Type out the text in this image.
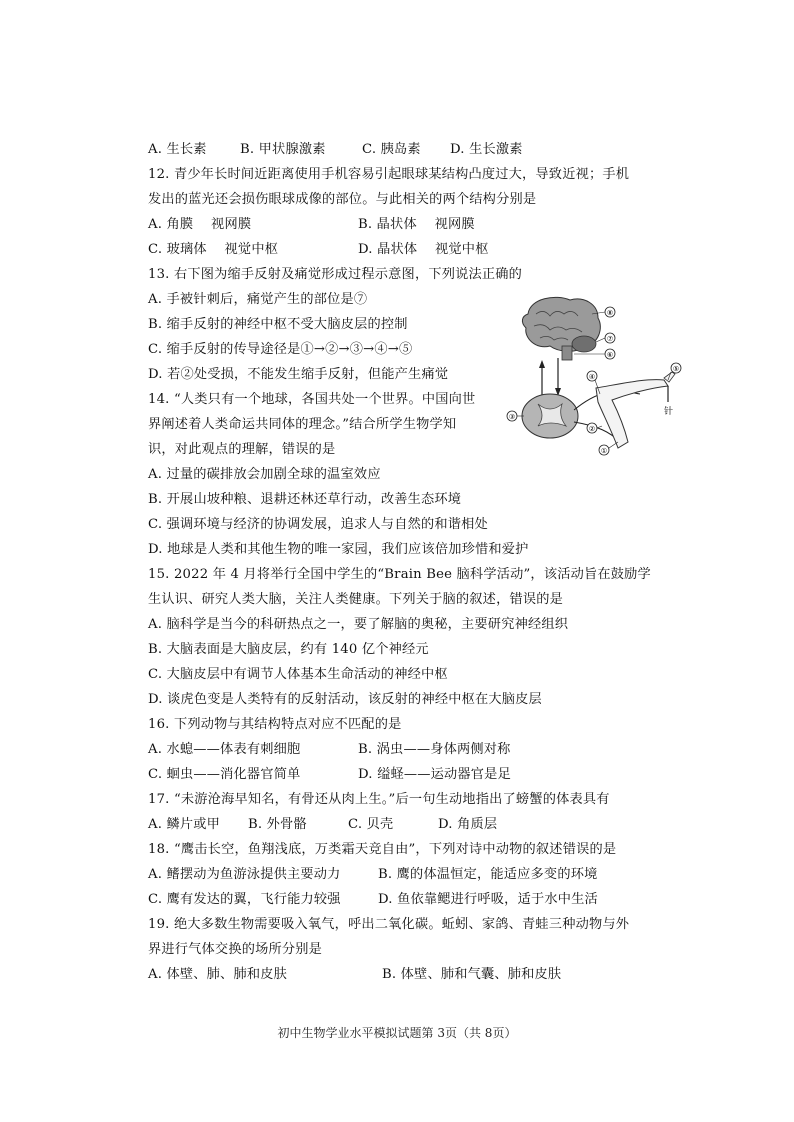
A. 生长素	B. 甲状腺激素	C. 胰岛素 D. 生长激素
12. 青少年长时间近距离使用手机容易引起眼球某结构凸度过大，导致近视；手机
发出的蓝光还会损伤眼球成像的部位。与此相关的两个结构分别是
A. 角膜　 视网膜	B. 晶状体　 视网膜
C. 玻璃体　 视觉中枢	D. 晶状体　 视觉中枢
13. 右下图为缩手反射及痛觉形成过程示意图，下列说法正确的
A. 手被针刺后，痛觉产生的部位是⑦
B. 缩手反射的神经中枢不受大脑皮层的控制
C. 缩手反射的传导途径是①→②→③→④→⑤
D. 若②处受损，不能发生缩手反射，但能产生痛觉
⑧
⑦
⑥
③	针
⑤
④
②
①
14. “人类只有一个地球，各国共处一个世界。中国向世
界阐述着人类命运共同体的理念。”结合所学生物学知
识，对此观点的理解，错误的是
A. 过量的碳排放会加剧全球的温室效应
B. 开展山坡种粮、退耕还林还草行动，改善生态环境
C. 强调环境与经济的协调发展，追求人与自然的和谐相处
D. 地球是人类和其他生物的唯一家园，我们应该倍加珍惜和爱护
15. 2022 年 4 月将举行全国中学生的“Brain Bee 脑科学活动”，该活动旨在鼓励学
生认识、研究人类大脑，关注人类健康。下列关于脑的叙述，错误的是
A. 脑科学是当今的科研热点之一，要了解脑的奥秘，主要研究神经组织
B. 大脑表面是大脑皮层，约有 140 亿个神经元
C. 大脑皮层中有调节人体基本生命活动的神经中枢
D. 谈虎色变是人类特有的反射活动，该反射的神经中枢在大脑皮层
16. 下列动物与其结构特点对应不匹配的是
A. 水螅——体表有刺细胞	B. 涡虫——身体两侧对称
C. 蛔虫——消化器官简单	D. 缢蛏——运动器官是足
17. “未游沧海早知名，有骨还从肉上生。”后一句生动地指出了螃蟹的体表具有
A. 鳞片或甲 B. 外骨骼	C. 贝壳	D. 角质层
18. “鹰击长空，鱼翔浅底，万类霜天竞自由”，下列对诗中动物的叙述错误的是
A. 鳍摆动为鱼游泳提供主要动力	B. 鹰的体温恒定，能适应多变的环境
C. 鹰有发达的翼，飞行能力较强	D. 鱼依靠鳃进行呼吸，适于水中生活
19. 绝大多数生物需要吸入氧气，呼出二氧化碳。蚯蚓、家鸽、青蛙三种动物与外
界进行气体交换的场所分别是
A. 体壁、肺、肺和皮肤	B. 体壁、肺和气囊、肺和皮肤
初中生物学业水平模拟试题第 3页（共 8页）
